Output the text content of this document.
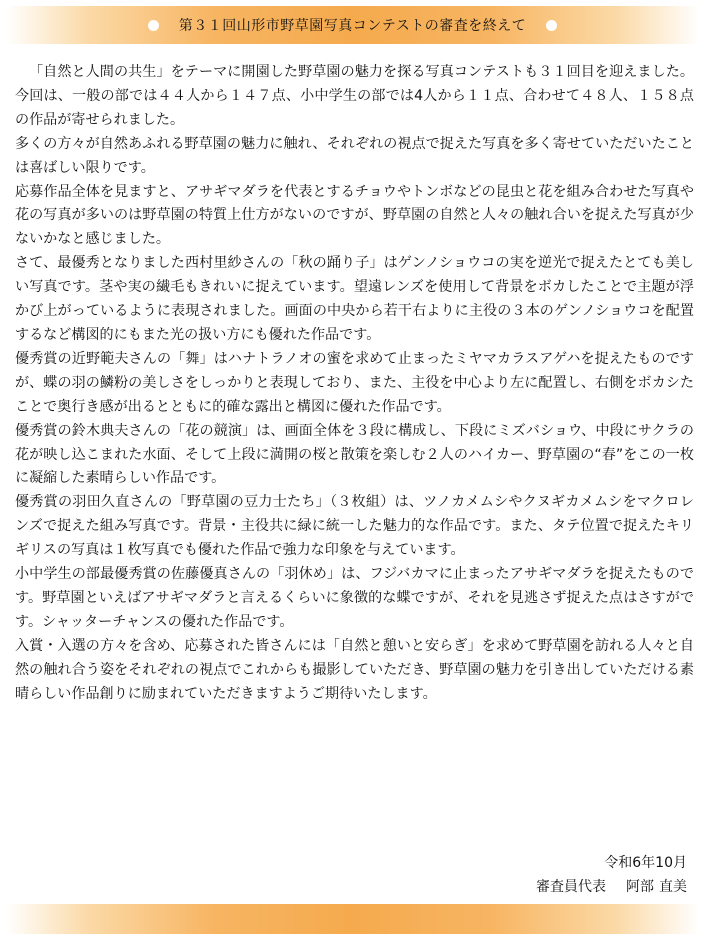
第３１回山形市野草園写真コンテストの審査を終えて

「自然と人間の共生」をテーマに開園した野草園の魅力を探る写真コンテストも３１回目を迎えました。今回は、一般の部では４４人から１４７点、小中学生の部では4人から１１点、合わせて４８人、１５８点の作品が寄せられました。

多くの方々が自然あふれる野草園の魅力に触れ、それぞれの視点で捉えた写真を多く寄せていただいたことは喜ばしい限りです。

応募作品全体を見ますと、アサギマダラを代表とするチョウやトンボなどの昆虫と花を組み合わせた写真や花の写真が多いのは野草園の特質上仕方がないのですが、野草園の自然と人々の触れ合いを捉えた写真が少ないかなと感じました。

さて、最優秀となりました西村里紗さんの「秋の踊り子」はゲンノショウコの実を逆光で捉えたとても美しい写真です。茎や実の繊毛もきれいに捉えています。望遠レンズを使用して背景をボカしたことで主題が浮かび上がっているように表現されました。画面の中央から若干右よりに主役の３本のゲンノショウコを配置するなど構図的にもまた光の扱い方にも優れた作品です。

優秀賞の近野範夫さんの「舞」はハナトラノオの蜜を求めて止まったミヤマカラスアゲハを捉えたものですが、蝶の羽の鱗粉の美しさをしっかりと表現しており、また、主役を中心より左に配置し、右側をボカシたことで奥行き感が出るとともに的確な露出と構図に優れた作品です。

優秀賞の鈴木典夫さんの「花の競演」は、画面全体を３段に構成し、下段にミズバショウ、中段にサクラの花が映し込こまれた水面、そして上段に満開の桜と散策を楽しむ２人のハイカー、野草園の“春”をこの一枚に凝縮した素晴らしい作品です。

優秀賞の羽田久直さんの「野草園の豆力士たち」（３枚組）は、ツノカメムシやクヌギカメムシをマクロレンズで捉えた組み写真です。背景・主役共に緑に統一した魅力的な作品です。また、タテ位置で捉えたキリギリスの写真は１枚写真でも優れた作品で強力な印象を与えています。

小中学生の部最優秀賞の佐藤優真さんの「羽休め」は、フジバカマに止まったアサギマダラを捉えたものです。野草園といえばアサギマダラと言えるくらいに象徴的な蝶ですが、それを見逃さず捉えた点はさすがです。シャッターチャンスの優れた作品です。

入賞・入選の方々を含め、応募された皆さんには「自然と憩いと安らぎ」を求めて野草園を訪れる人々と自然の触れ合う姿をそれぞれの視点でこれからも撮影していただき、野草園の魅力を引き出していただける素晴らしい作品創りに励まれていただきますようご期待いたします。

令和6年10月
審査員代表 阿部 直美
